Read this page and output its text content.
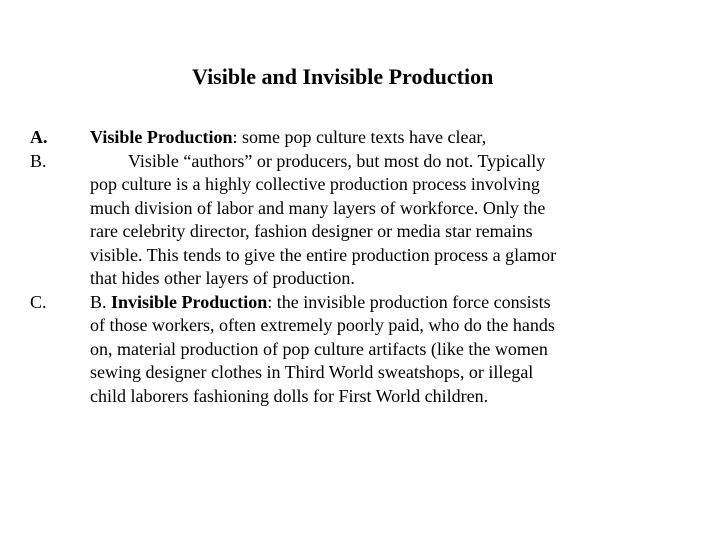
Visible and Invisible Production
A.	Visible Production: some pop culture texts have clear,
B.	Visible “authors” or producers, but most do not. Typically
pop culture is a highly collective production process involving
much division of labor and many layers of workforce. Only the
rare celebrity director, fashion designer or media star remains
visible. This tends to give the entire production process a glamor
that hides other layers of production.
C.	B. Invisible Production: the invisible production force consists
of those workers, often extremely poorly paid, who do the hands
on, material production of pop culture artifacts (like the women
sewing designer clothes in Third World sweatshops, or illegal
child laborers fashioning dolls for First World children.
